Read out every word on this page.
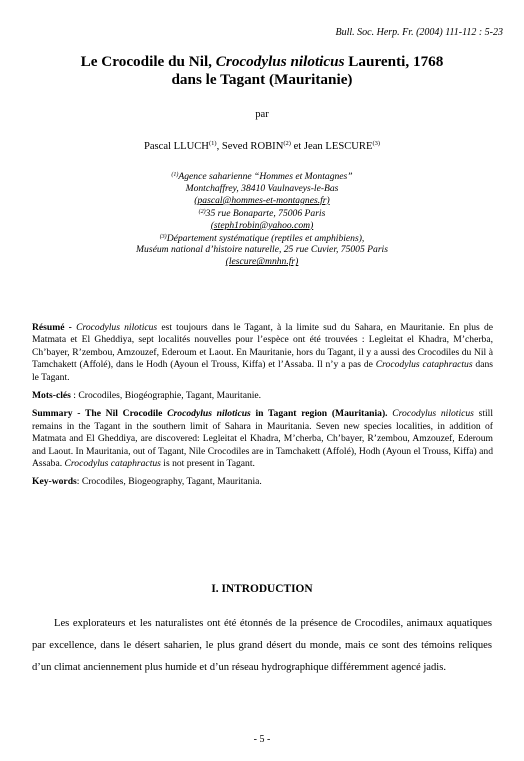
Bull. Soc. Herp. Fr. (2004) 111-112 : 5-23
Le Crocodile du Nil, Crocodylus niloticus Laurenti, 1768
dans le Tagant (Mauritanie)
par
Pascal LLUCH$^{(1)}$, Seved ROBIN$^{(2)}$ et Jean LESCURE$^{(3)}$
$^{(1)}$Agence saharienne “Hommes et Montagnes”
Montchaffrey, 38410 Vaulnaveys-le-Bas
(pascal@hommes-et-montagnes.fr)
$^{(2)}$35 rue Bonaparte, 75006 Paris
(steph1robin@yahoo.com)
$^{(3)}$Département systématique (reptiles et amphibiens),
Muséum national d’histoire naturelle, 25 rue Cuvier, 75005 Paris
(lescure@mnhn.fr)

Résumé - Crocodylus niloticus est toujours dans le Tagant, à la limite sud du Sahara, en Mauritanie. En plus de Matmata et El Gheddiya, sept localités nouvelles pour l’espèce ont été trouvées : Legleitat el Khadra, M’cherba, Ch’bayer, R’zembou, Amzouzef, Ederoum et Laout. En Mauritanie, hors du Tagant, il y a aussi des Crocodiles du Nil à Tamchakett (Affolé), dans le Hodh (Ayoun el Trouss, Kiffa) et l’Assaba. Il n’y a pas de Crocodylus cataphractus dans le Tagant.

Mots-clés : Crocodiles, Biogéographie, Tagant, Mauritanie.

Summary - The Nil Crocodile Crocodylus niloticus in Tagant region (Mauritania). Crocodylus niloticus still remains in the Tagant in the southern limit of Sahara in Mauritania. Seven new species localities, in addition of Matmata and El Gheddiya, are discovered: Legleitat el Khadra, M’cherba, Ch’bayer, R’zembou, Amzouzef, Ederoum and Laout. In Mauritania, out of Tagant, Nile Crocodiles are in Tamchakett (Affolé), Hodh (Ayoun el Trouss, Kiffa) and Assaba. Crocodylus cataphractus is not present in Tagant.

Key-words: Crocodiles, Biogeography, Tagant, Mauritania.

I. INTRODUCTION

Les explorateurs et les naturalistes ont été étonnés de la présence de Crocodiles, animaux aquatiques par excellence, dans le désert saharien, le plus grand désert du monde, mais ce sont des témoins reliques d’un climat anciennement plus humide et d’un réseau hydrographique différemment agencé jadis.

- 5 -
